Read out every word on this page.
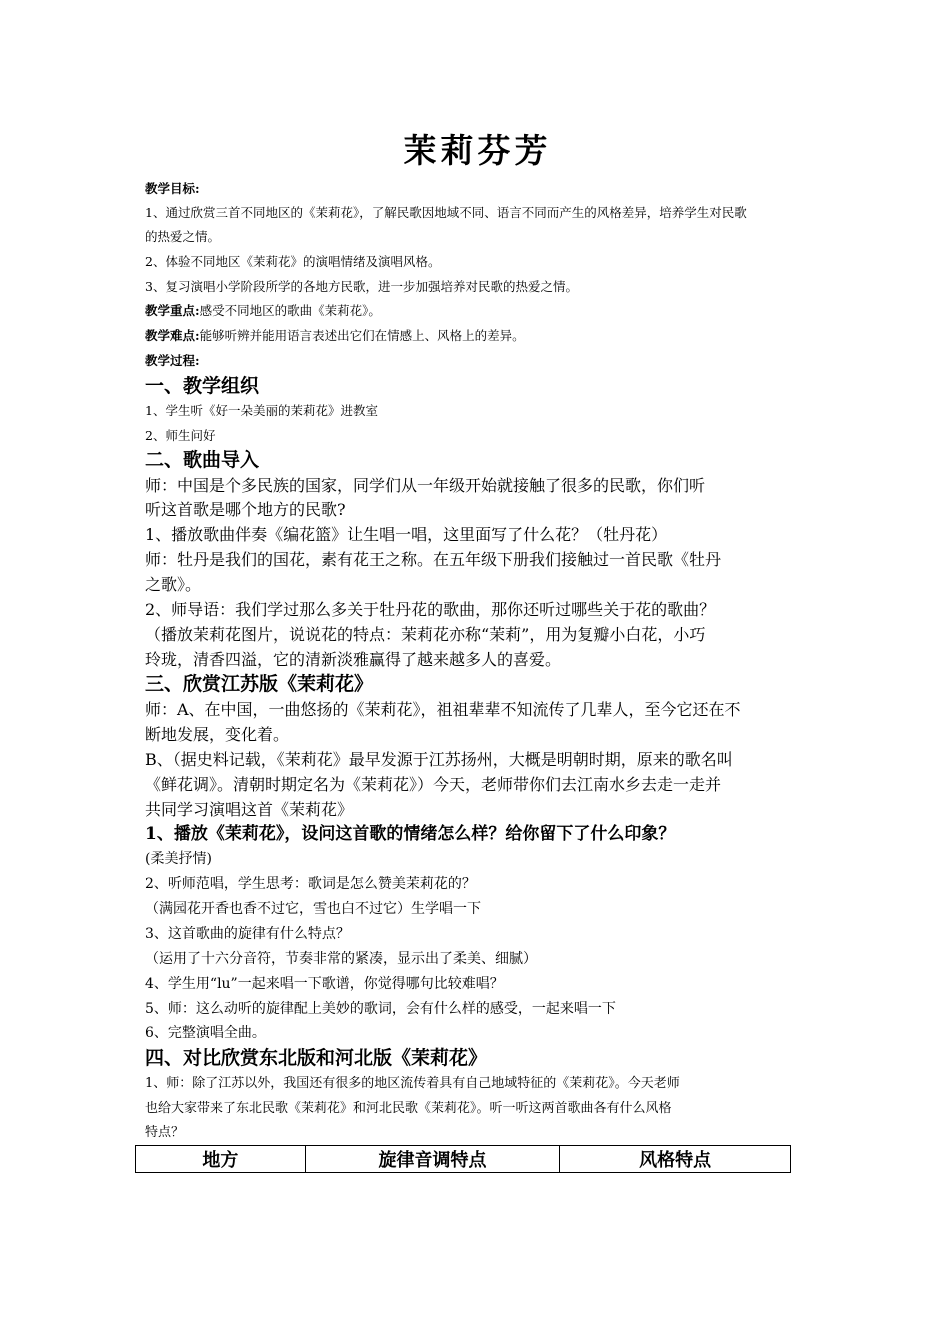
茉莉芬芳
教学目标:
1、通过欣赏三首不同地区的《茉莉花》，了解民歌因地域不同、语言不同而产生的风格差异，培养学生对民歌
的热爱之情。
2、体验不同地区《茉莉花》的演唱情绪及演唱风格。
3、复习演唱小学阶段所学的各地方民歌，进一步加强培养对民歌的热爱之情。
教学重点:感受不同地区的歌曲《茉莉花》。
教学难点:能够听辨并能用语言表述出它们在情感上、风格上的差异。
教学过程:
一、教学组织
1、学生听《好一朵美丽的茉莉花》进教室
2、师生问好
二、歌曲导入
师：中国是个多民族的国家，同学们从一年级开始就接触了很多的民歌，你们听
听这首歌是哪个地方的民歌?
1、播放歌曲伴奏《编花篮》让生唱一唱，这里面写了什么花？（牡丹花）
师：牡丹是我们的国花，素有花王之称。在五年级下册我们接触过一首民歌《牡丹
之歌》。
2、师导语：我们学过那么多关于牡丹花的歌曲，那你还听过哪些关于花的歌曲？
（播放茉莉花图片，说说花的特点：茉莉花亦称“茉莉”，用为复瓣小白花，小巧
玲珑，清香四溢，它的清新淡雅赢得了越来越多人的喜爱。
三、欣赏江苏版《茉莉花》
师：A、在中国，一曲悠扬的《茉莉花》，祖祖辈辈不知流传了几辈人，至今它还在不
断地发展，变化着。
B、（据史料记载，《茉莉花》最早发源于江苏扬州，大概是明朝时期，原来的歌名叫
《鲜花调》。清朝时期定名为《茉莉花》）今天，老师带你们去江南水乡去走一走并
共同学习演唱这首《茉莉花》
1、播放《茉莉花》，设问这首歌的情绪怎么样？给你留下了什么印象？
(柔美抒情)
2、听师范唱，学生思考：歌词是怎么赞美茉莉花的？
（满园花开香也香不过它，雪也白不过它）生学唱一下
3、这首歌曲的旋律有什么特点？
（运用了十六分音符，节奏非常的紧凑，显示出了柔美、细腻）
4、学生用“lu”一起来唱一下歌谱，你觉得哪句比较难唱？
5、师：这么动听的旋律配上美妙的歌词，会有什么样的感受，一起来唱一下
6、完整演唱全曲。
四、对比欣赏东北版和河北版《茉莉花》
1、师：除了江苏以外，我国还有很多的地区流传着具有自己地域特征的《茉莉花》。今天老师
也给大家带来了东北民歌《茉莉花》和河北民歌《茉莉花》。听一听这两首歌曲各有什么风格
特点？
地方	旋律音调特点	风格特点
